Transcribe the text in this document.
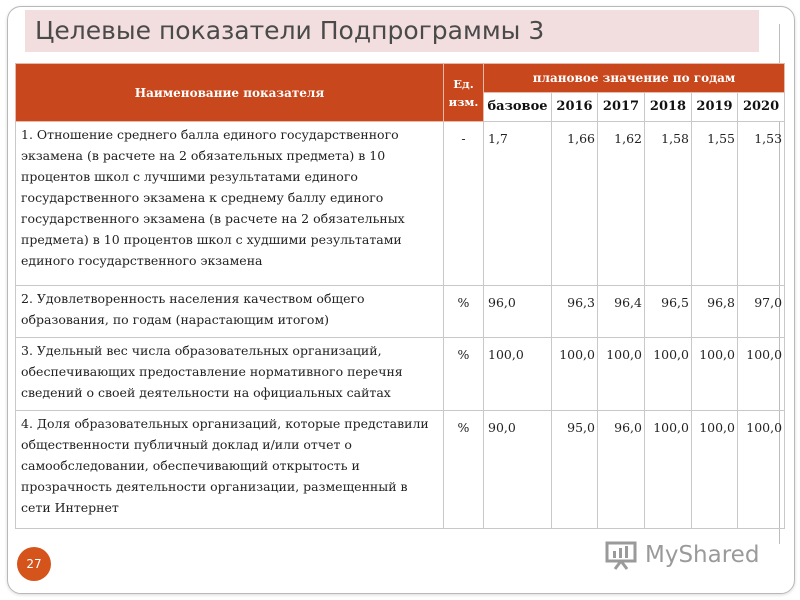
Целевые показатели Подпрограммы 3
Наименование показателя	Ед. изм.	плановое значение по годам					
		базовое	2016	2017	2018	2019	2020
1. Отношение среднего балла единого государственного экзамена (в расчете на 2 обязательных предмета) в 10 процентов школ с лучшими результатами единого государственного экзамена к среднему баллу единого государственного экзамена (в расчете на 2 обязательных предмета) в 10 процентов школ с худшими результатами единого государственного экзамена	-	1,7	1,66	1,62	1,58	1,55	1,53
2. Удовлетворенность населения качеством общего образования, по годам (нарастающим итогом)	%	96,0	96,3	96,4	96,5	96,8	97,0
3. Удельный вес числа образовательных организаций, обеспечивающих предоставление нормативного перечня сведений о своей деятельности на официальных сайтах	%	100,0	100,0	100,0	100,0	100,0	100,0
4. Доля образовательных организаций, которые представили общественности публичный доклад и/или отчет о самообследовании, обеспечивающий открытость и прозрачность деятельности организации, размещенный в сети Интернет	%	90,0	95,0	96,0	100,0	100,0	100,0
27	MyShared
